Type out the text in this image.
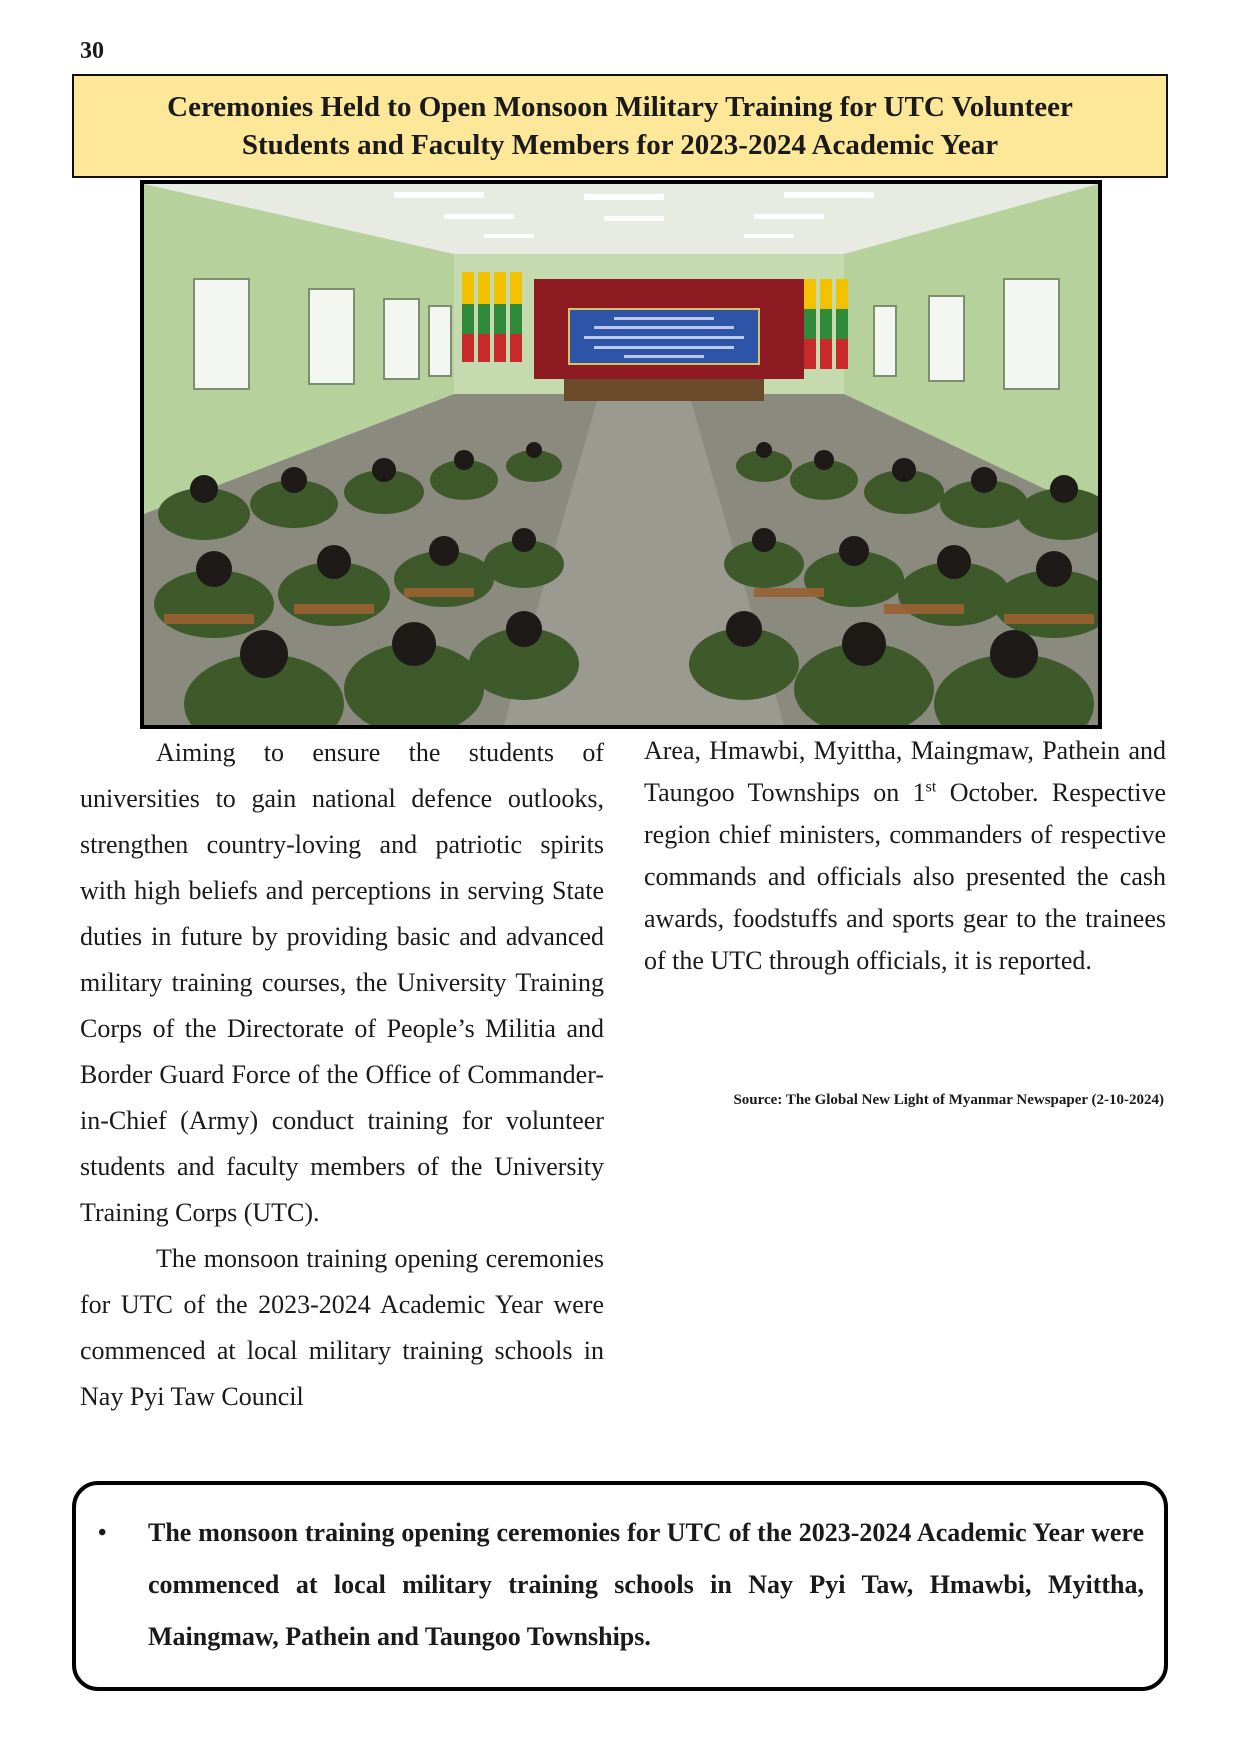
30
Ceremonies Held to Open Monsoon Military Training for UTC Volunteer
Students and Faculty Members for 2023-2024 Academic Year

Aiming to ensure the students of universities to gain national defence outlooks, strengthen country-loving and patriotic spirits with high beliefs and perceptions in serving State duties in future by providing basic and advanced military training courses, the University Training Corps of the Directorate of People’s Militia and Border Guard Force of the Office of Commander-in-Chief (Army) conduct training for volunteer students and faculty members of the University Training Corps (UTC).

The monsoon training opening ceremonies for UTC of the 2023-2024 Academic Year were commenced at local military training schools in Nay Pyi Taw Council

Area, Hmawbi, Myittha, Maingmaw, Pathein and Taungoo Townships on 1st October. Respective region chief ministers, commanders of respective commands and officials also presented the cash awards, foodstuffs and sports gear to the trainees of the UTC through officials, it is reported.

Source: The Global New Light of Myanmar Newspaper (2-10-2024)
• The monsoon training opening ceremonies for UTC of the 2023-2024 Academic Year were commenced at local military training schools in Nay Pyi Taw, Hmawbi, Myittha, Maingmaw, Pathein and Taungoo Townships.
